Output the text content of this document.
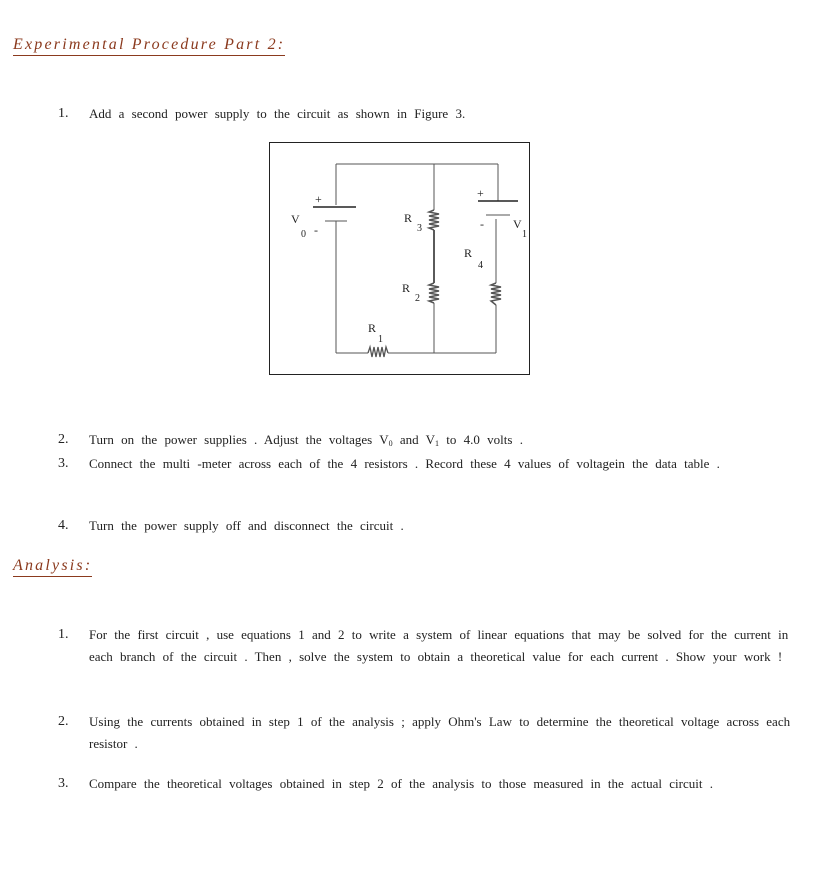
Experimental Procedure Part 2:
1. Add a second power supply to the circuit as shown in Figure 3.
+
-
+
-
V
0
V
1
R
3
R
4
R
2
R
1
2. Turn on the power supplies . Adjust the voltages $V_0$ and $V_1$ to 4.0 volts .
3. Connect the multi -meter across each of the 4 resistors . Record these 4 values of voltagein the data table .
4. Turn the power supply off and disconnect the circuit .
Analysis:
1. For the first circuit , use equations 1 and 2 to write a system of linear equations that may be solved for the current in each branch of the circuit . Then , solve the system to obtain a theoretical value for each current . Show your work !
2. Using the currents obtained in step 1 of the analysis ; apply Ohm's Law to determine the theoretical voltage across each resistor .
3. Compare the theoretical voltages obtained in step 2 of the analysis to those measured in the actual circuit .
